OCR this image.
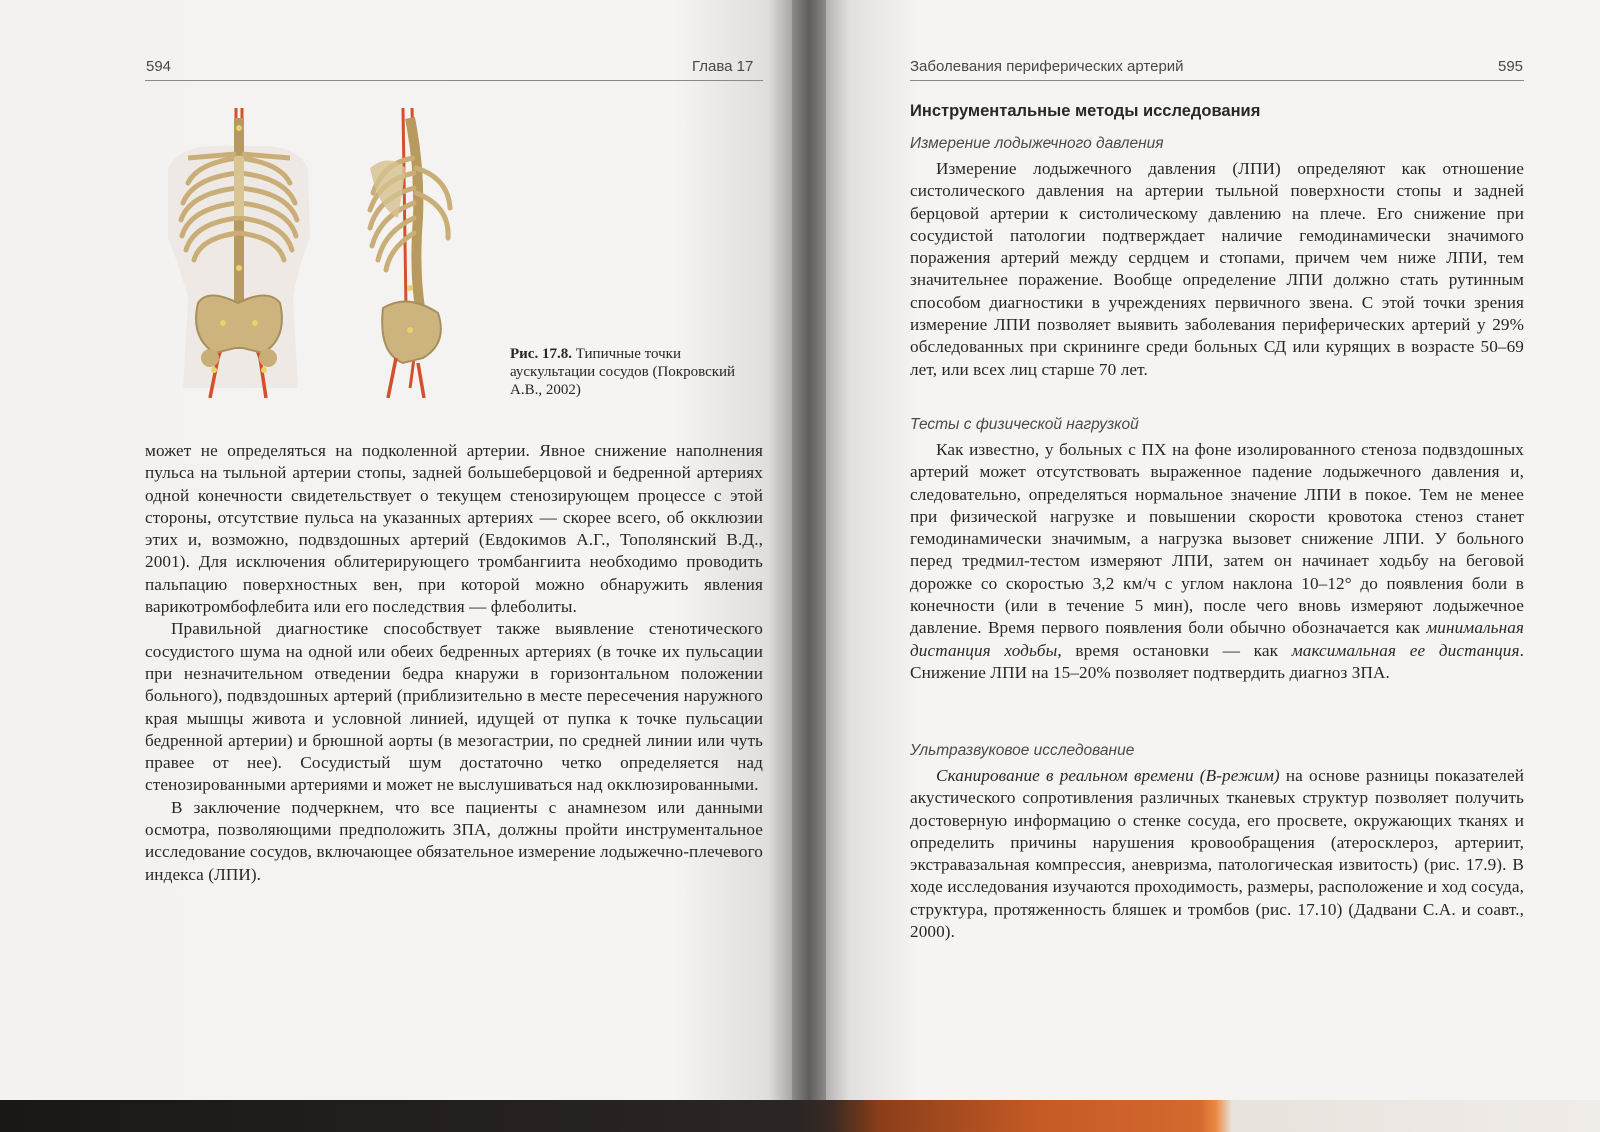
594	Глава 17
Рис. 17.8. Типичные точки аускультации сосудов (Покровский А.В., 2002)

может не определяться на подколенной артерии. Явное снижение наполнения пульса на тыльной артерии стопы, задней большеберцовой и бедренной артериях одной конечности свидетельствует о текущем стенозирующем процессе с этой стороны, отсутствие пульса на указанных артериях — скорее всего, об окклюзии этих и, возможно, подвздошных артерий (Евдокимов А.Г., Тополянский В.Д., 2001). Для исключения облитерирующего тромбангиита необходимо проводить пальпацию поверхностных вен, при которой можно обнаружить явления варикотромбофлебита или его последствия — флеболиты.

Правильной диагностике способствует также выявление стенотического сосудистого шума на одной или обеих бедренных артериях (в точке их пульсации при незначительном отведении бедра кнаружи в горизонтальном положении больного), подвздошных артерий (приблизительно в месте пересечения наружного края мышцы живота и условной линией, идущей от пупка к точке пульсации бедренной артерии) и брюшной аорты (в мезогастрии, по средней линии или чуть правее от нее). Сосудистый шум достаточно четко определяется над стенозированными артериями и может не выслушиваться над окклюзированными.

В заключение подчеркнем, что все пациенты с анамнезом или данными осмотра, позволяющими предположить ЗПА, должны пройти инструментальное исследование сосудов, включающее обязательное измерение лодыжечно-плечевого индекса (ЛПИ).

Заболевания периферических артерий	595
Инструментальные методы исследования
Измерение лодыжечного давления

Измерение лодыжечного давления (ЛПИ) определяют как отношение систолического давления на артерии тыльной поверхности стопы и задней берцовой артерии к систолическому давлению на плече. Его снижение при сосудистой патологии подтверждает наличие гемодинамически значимого поражения артерий между сердцем и стопами, причем чем ниже ЛПИ, тем значительнее поражение. Вообще определение ЛПИ должно стать рутинным способом диагностики в учреждениях первичного звена. С этой точки зрения измерение ЛПИ позволяет выявить заболевания периферических артерий у 29% обследованных при скрининге среди больных СД или курящих в возрасте 50–69 лет, или всех лиц старше 70 лет.

Тесты с физической нагрузкой

Как известно, у больных с ПХ на фоне изолированного стеноза подвздошных артерий может отсутствовать выраженное падение лодыжечного давления и, следовательно, определяться нормальное значение ЛПИ в покое. Тем не менее при физической нагрузке и повышении скорости кровотока стеноз станет гемодинамически значимым, а нагрузка вызовет снижение ЛПИ. У больного перед тредмил-тестом измеряют ЛПИ, затем он начинает ходьбу на беговой дорожке со скоростью 3,2 км/ч с углом наклона 10–12° до появления боли в конечности (или в течение 5 мин), после чего вновь измеряют лодыжечное давление. Время первого появления боли обычно обозначается как минимальная дистанция ходьбы, время остановки — как максимальная ее дистанция. Снижение ЛПИ на 15–20% позволяет подтвердить диагноз ЗПА.

Ультразвуковое исследование

Сканирование в реальном времени (В-режим) на основе разницы показателей акустического сопротивления различных тканевых структур позволяет получить достоверную информацию о стенке сосуда, его просвете, окружающих тканях и определить причины нарушения кровообращения (атеросклероз, артериит, экстравазальная компрессия, аневризма, патологическая извитость) (рис. 17.9). В ходе исследования изучаются проходимость, размеры, расположение и ход сосуда, структура, протяженность бляшек и тромбов (рис. 17.10) (Дадвани С.А. и соавт., 2000).
